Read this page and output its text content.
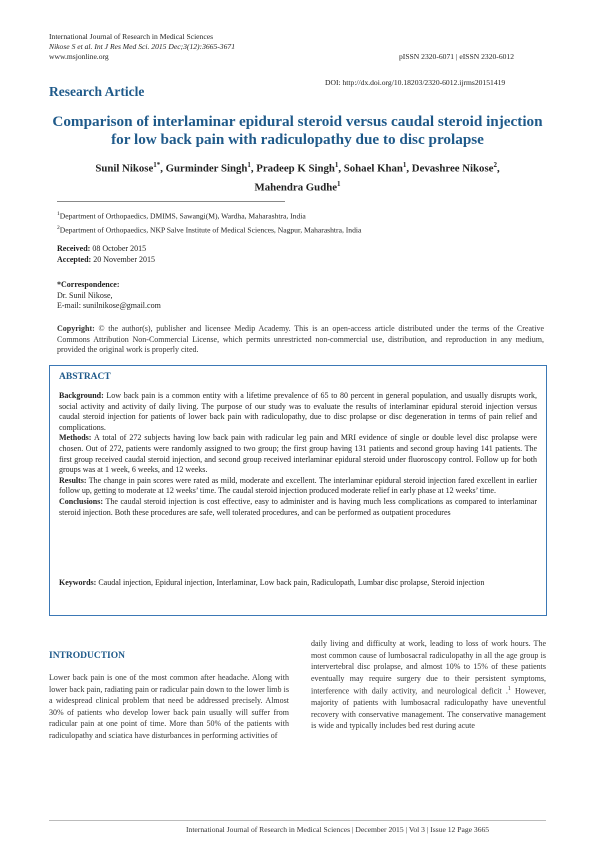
International Journal of Research in Medical Sciences
Nikose S et al. Int J Res Med Sci. 2015 Dec;3(12):3665-3671
www.msjonline.org	pISSN 2320-6071 | eISSN 2320-6012
DOI: http://dx.doi.org/10.18203/2320-6012.ijrms20151419
Research Article
Comparison of interlaminar epidural steroid versus caudal steroid injection for low back pain with radiculopathy due to disc prolapse
Sunil Nikose$^{1*}$, Gurminder Singh$^1$, Pradeep K Singh$^1$, Sohael Khan$^1$, Devashree Nikose$^2$,
Mahendra Gudhe$^1$
$^1$Department of Orthopaedics, DMIMS, Sawangi(M), Wardha, Maharashtra, India
$^2$Department of Orthopaedics, NKP Salve Institute of Medical Sciences, Nagpur, Maharashtra, India
Received: 08 October 2015
Accepted: 20 November 2015
*Correspondence:
Dr. Sunil Nikose,
E-mail: sunilnikose@gmail.com
Copyright: © the author(s), publisher and licensee Medip Academy. This is an open-access article distributed under the terms of the Creative Commons Attribution Non-Commercial License, which permits unrestricted non-commercial use, distribution, and reproduction in any medium, provided the original work is properly cited.
ABSTRACT
Background: Low back pain is a common entity with a lifetime prevalence of 65 to 80 percent in general population, and usually disrupts work, social activity and activity of daily living. The purpose of our study was to evaluate the results of interlaminar epidural steroid injection versus caudal steroid injection for patients of lower back pain with radiculopathy, due to disc prolapse or disc degeneration in terms of pain relief and complications.
Methods: A total of 272 subjects having low back pain with radicular leg pain and MRI evidence of single or double level disc prolapse were chosen. Out of 272, patients were randomly assigned to two group; the first group having 131 patients and second group having 141 patients. The first group received caudal steroid injection, and second group received interlaminar epidural steroid under fluoroscopy control. Follow up for both groups was at 1 week, 6 weeks, and 12 weeks.
Results: The change in pain scores were rated as mild, moderate and excellent. The interlaminar epidural steroid injection fared excellent in earlier follow up, getting to moderate at 12 weeks’ time. The caudal steroid injection produced moderate relief in early phase at 12 weeks’ time.
Conclusions: The caudal steroid injection is cost effective, easy to administer and is having much less complications as compared to interlaminar steroid injection. Both these procedures are safe, well tolerated procedures, and can be performed as outpatient procedures
Keywords: Caudal injection, Epidural injection, Interlaminar, Low back pain, Radiculopath, Lumbar disc prolapse, Steroid injection
INTRODUCTION
Lower back pain is one of the most common after headache. Along with lower back pain, radiating pain or radicular pain down to the lower limb is a widespread clinical problem that need be addressed precisely. Almost 30% of patients who develop lower back pain usually will suffer from radicular pain at one point of time. More than 50% of the patients with radiculopathy and sciatica have disturbances in performing activities of
daily living and difficulty at work, leading to loss of work hours. The most common cause of lumbosacral radiculopathy in all the age group is intervertebral disc prolapse, and almost 10% to 15% of these patients eventually may require surgery due to their persistent symptoms, interference with daily activity, and neurological deficit .$^1$ However, majority of patients with lumbosacral radiculopathy have uneventful recovery with conservative management. The conservative management is wide and typically includes bed rest during acute
International Journal of Research in Medical Sciences | December 2015 | Vol 3 | Issue 12 Page 3665
